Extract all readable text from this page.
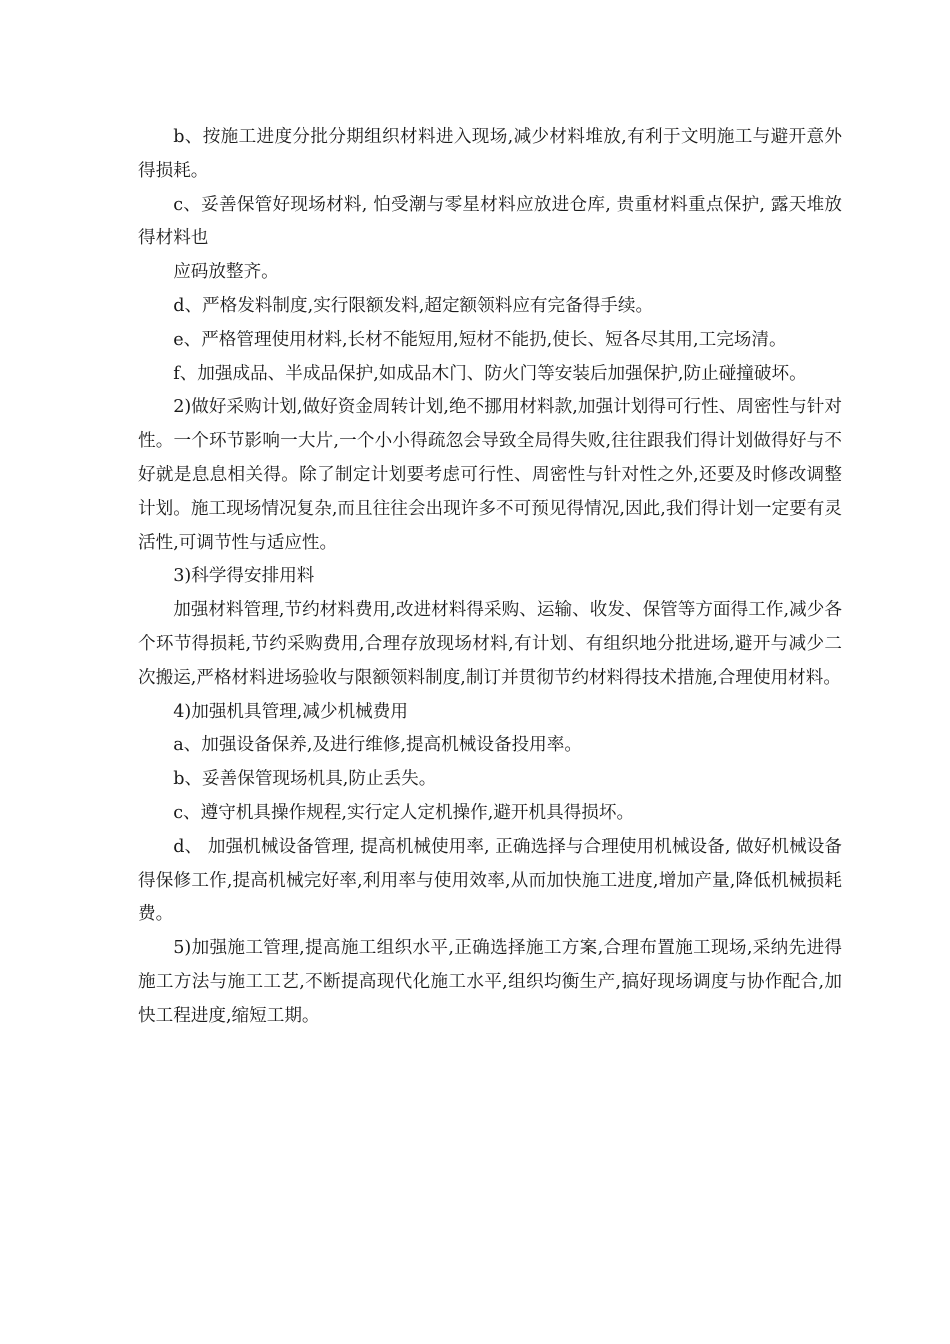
b、按施工进度分批分期组织材料进入现场,减少材料堆放,有利于文明施工与避开意外得损耗。

c、妥善保管好现场材料, 怕受潮与零星材料应放进仓库, 贵重材料重点保护, 露天堆放得材料也

应码放整齐。

d、严格发料制度,实行限额发料,超定额领料应有完备得手续。

e、严格管理使用材料,长材不能短用,短材不能扔,使长、短各尽其用,工完场清。

f、加强成品、半成品保护,如成品木门、防火门等安装后加强保护,防止碰撞破坏。

2)做好采购计划,做好资金周转计划,绝不挪用材料款,加强计划得可行性、周密性与针对性。一个环节影响一大片,一个小小得疏忽会导致全局得失败,往往跟我们得计划做得好与不好就是息息相关得。除了制定计划要考虑可行性、周密性与针对性之外,还要及时修改调整计划。施工现场情况复杂,而且往往会出现许多不可预见得情况,因此,我们得计划一定要有灵活性,可调节性与适应性。

3)科学得安排用料

加强材料管理,节约材料费用,改进材料得采购、运输、收发、保管等方面得工作,减少各个环节得损耗,节约采购费用,合理存放现场材料,有计划、有组织地分批进场,避开与减少二次搬运,严格材料进场验收与限额领料制度,制订并贯彻节约材料得技术措施,合理使用材料。

4)加强机具管理,减少机械费用

a、加强设备保养,及进行维修,提高机械设备投用率。

b、妥善保管现场机具,防止丢失。

c、遵守机具操作规程,实行定人定机操作,避开机具得损坏。

d、 加强机械设备管理, 提高机械使用率, 正确选择与合理使用机械设备, 做好机械设备得保修工作,提高机械完好率,利用率与使用效率,从而加快施工进度,增加产量,降低机械损耗费。

5)加强施工管理,提高施工组织水平,正确选择施工方案,合理布置施工现场,采纳先进得施工方法与施工工艺,不断提高现代化施工水平,组织均衡生产,搞好现场调度与协作配合,加快工程进度,缩短工期。
